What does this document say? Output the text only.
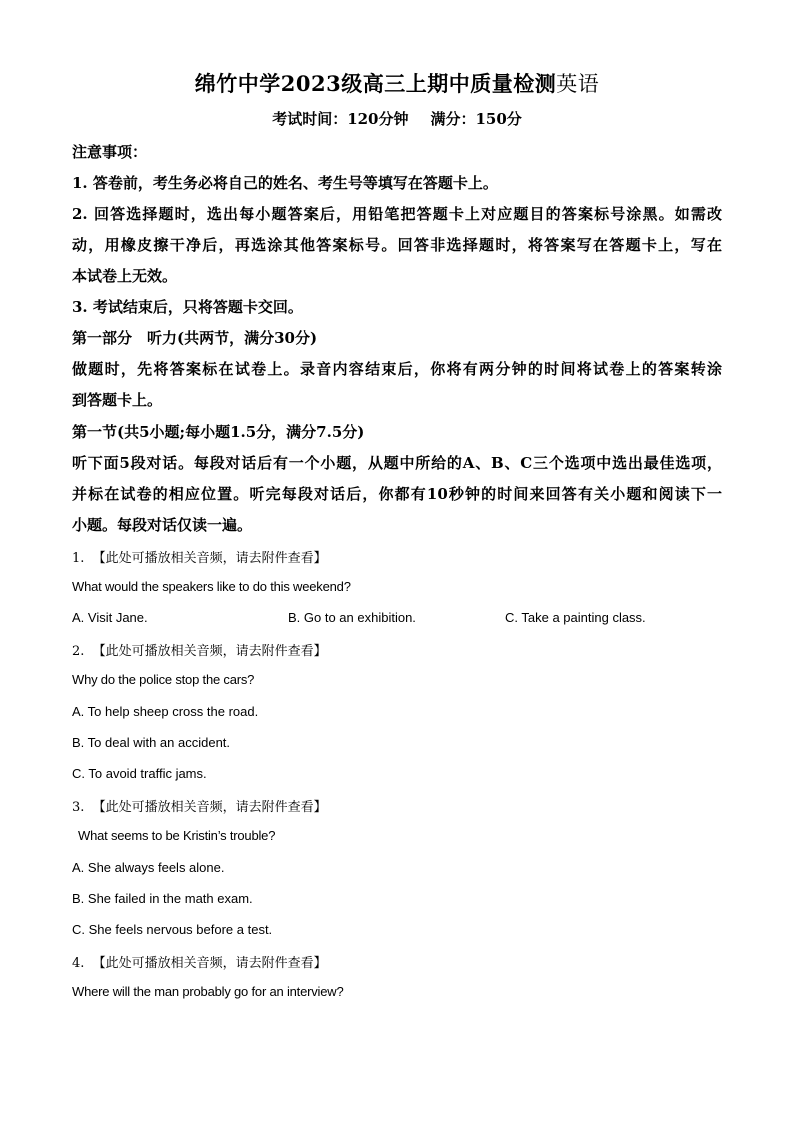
绵竹中学2023级高三上期中质量检测英语
考试时间：120分钟 满分：150分
注意事项：
1. 答卷前，考生务必将自己的姓名、考生号等填写在答题卡上。
2. 回答选择题时，选出每小题答案后，用铅笔把答题卡上对应题目的答案标号涂黑。如需改
动，用橡皮擦干净后，再选涂其他答案标号。回答非选择题时，将答案写在答题卡上，写在
本试卷上无效。
3. 考试结束后，只将答题卡交回。
第一部分　听力(共两节，满分30分)
做题时，先将答案标在试卷上。录音内容结束后，你将有两分钟的时间将试卷上的答案转涂
到答题卡上。
第一节(共5小题;每小题1.5分，满分7.5分)
听下面5段对话。每段对话后有一个小题，从题中所给的A、B、C三个选项中选出最佳选项，
并标在试卷的相应位置。听完每段对话后，你都有10秒钟的时间来回答有关小题和阅读下一
小题。每段对话仅读一遍。
1. 【此处可播放相关音频，请去附件查看】
What would the speakers like to do this weekend?
A. Visit Jane.	B. Go to an exhibition.	C. Take a painting class.
2. 【此处可播放相关音频，请去附件查看】
Why do the police stop the cars?
A. To help sheep cross the road.
B. To deal with an accident.
C. To avoid traffic jams.
3. 【此处可播放相关音频，请去附件查看】
What seems to be Kristin’s trouble?
A. She always feels alone.
B. She failed in the math exam.
C. She feels nervous before a test.
4. 【此处可播放相关音频，请去附件查看】
Where will the man probably go for an interview?
